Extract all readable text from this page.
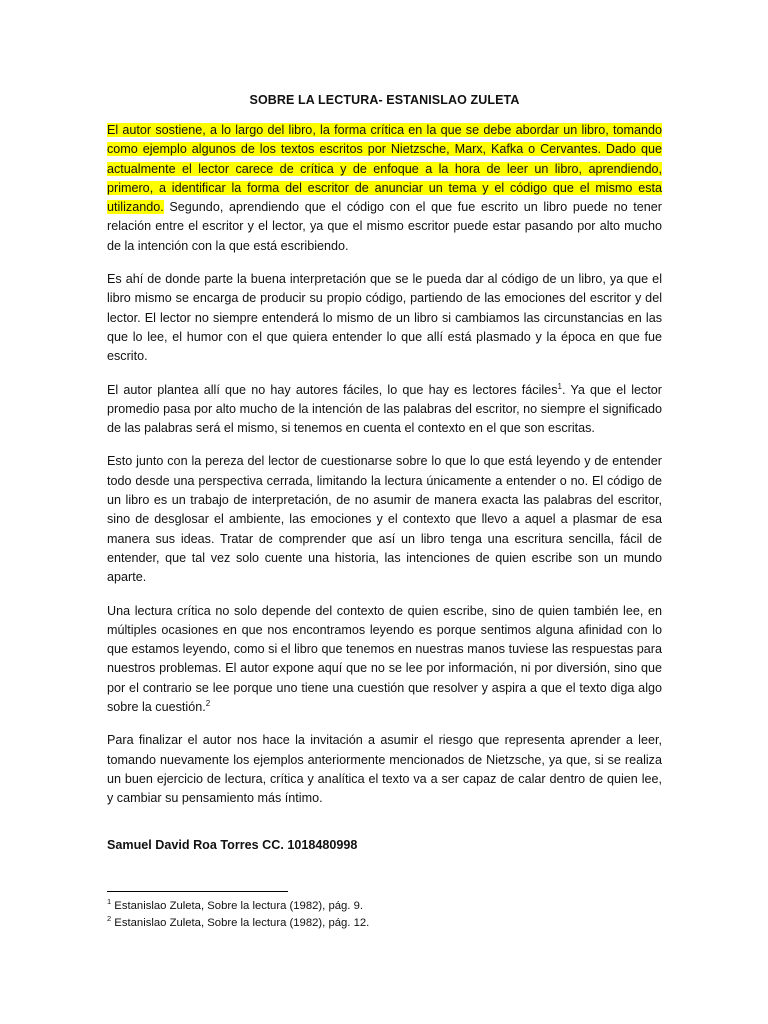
SOBRE LA LECTURA- ESTANISLAO ZULETA

El autor sostiene, a lo largo del libro, la forma crítica en la que se debe abordar un libro, tomando como ejemplo algunos de los textos escritos por Nietzsche, Marx, Kafka o Cervantes. Dado que actualmente el lector carece de crítica y de enfoque a la hora de leer un libro, aprendiendo, primero, a identificar la forma del escritor de anunciar un tema y el código que el mismo esta utilizando. Segundo, aprendiendo que el código con el que fue escrito un libro puede no tener relación entre el escritor y el lector, ya que el mismo escritor puede estar pasando por alto mucho de la intención con la que está escribiendo.

Es ahí de donde parte la buena interpretación que se le pueda dar al código de un libro, ya que el libro mismo se encarga de producir su propio código, partiendo de las emociones del escritor y del lector. El lector no siempre entenderá lo mismo de un libro si cambiamos las circunstancias en las que lo lee, el humor con el que quiera entender lo que allí está plasmado y la época en que fue escrito.

El autor plantea allí que no hay autores fáciles, lo que hay es lectores fáciles$^1$. Ya que el lector promedio pasa por alto mucho de la intención de las palabras del escritor, no siempre el significado de las palabras será el mismo, si tenemos en cuenta el contexto en el que son escritas.

Esto junto con la pereza del lector de cuestionarse sobre lo que lo que está leyendo y de entender todo desde una perspectiva cerrada, limitando la lectura únicamente a entender o no. El código de un libro es un trabajo de interpretación, de no asumir de manera exacta las palabras del escritor, sino de desglosar el ambiente, las emociones y el contexto que llevo a aquel a plasmar de esa manera sus ideas. Tratar de comprender que así un libro tenga una escritura sencilla, fácil de entender, que tal vez solo cuente una historia, las intenciones de quien escribe son un mundo aparte.

Una lectura crítica no solo depende del contexto de quien escribe, sino de quien también lee, en múltiples ocasiones en que nos encontramos leyendo es porque sentimos alguna afinidad con lo que estamos leyendo, como si el libro que tenemos en nuestras manos tuviese las respuestas para nuestros problemas. El autor expone aquí que no se lee por información, ni por diversión, sino que por el contrario se lee porque uno tiene una cuestión que resolver y aspira a que el texto diga algo sobre la cuestión.$^2$

Para finalizar el autor nos hace la invitación a asumir el riesgo que representa aprender a leer, tomando nuevamente los ejemplos anteriormente mencionados de Nietzsche, ya que, si se realiza un buen ejercicio de lectura, crítica y analítica el texto va a ser capaz de calar dentro de quien lee, y cambiar su pensamiento más íntimo.

Samuel David Roa Torres CC. 1018480998
$^1$ Estanislao Zuleta, Sobre la lectura (1982), pág. 9.
$^2$ Estanislao Zuleta, Sobre la lectura (1982), pág. 12.
